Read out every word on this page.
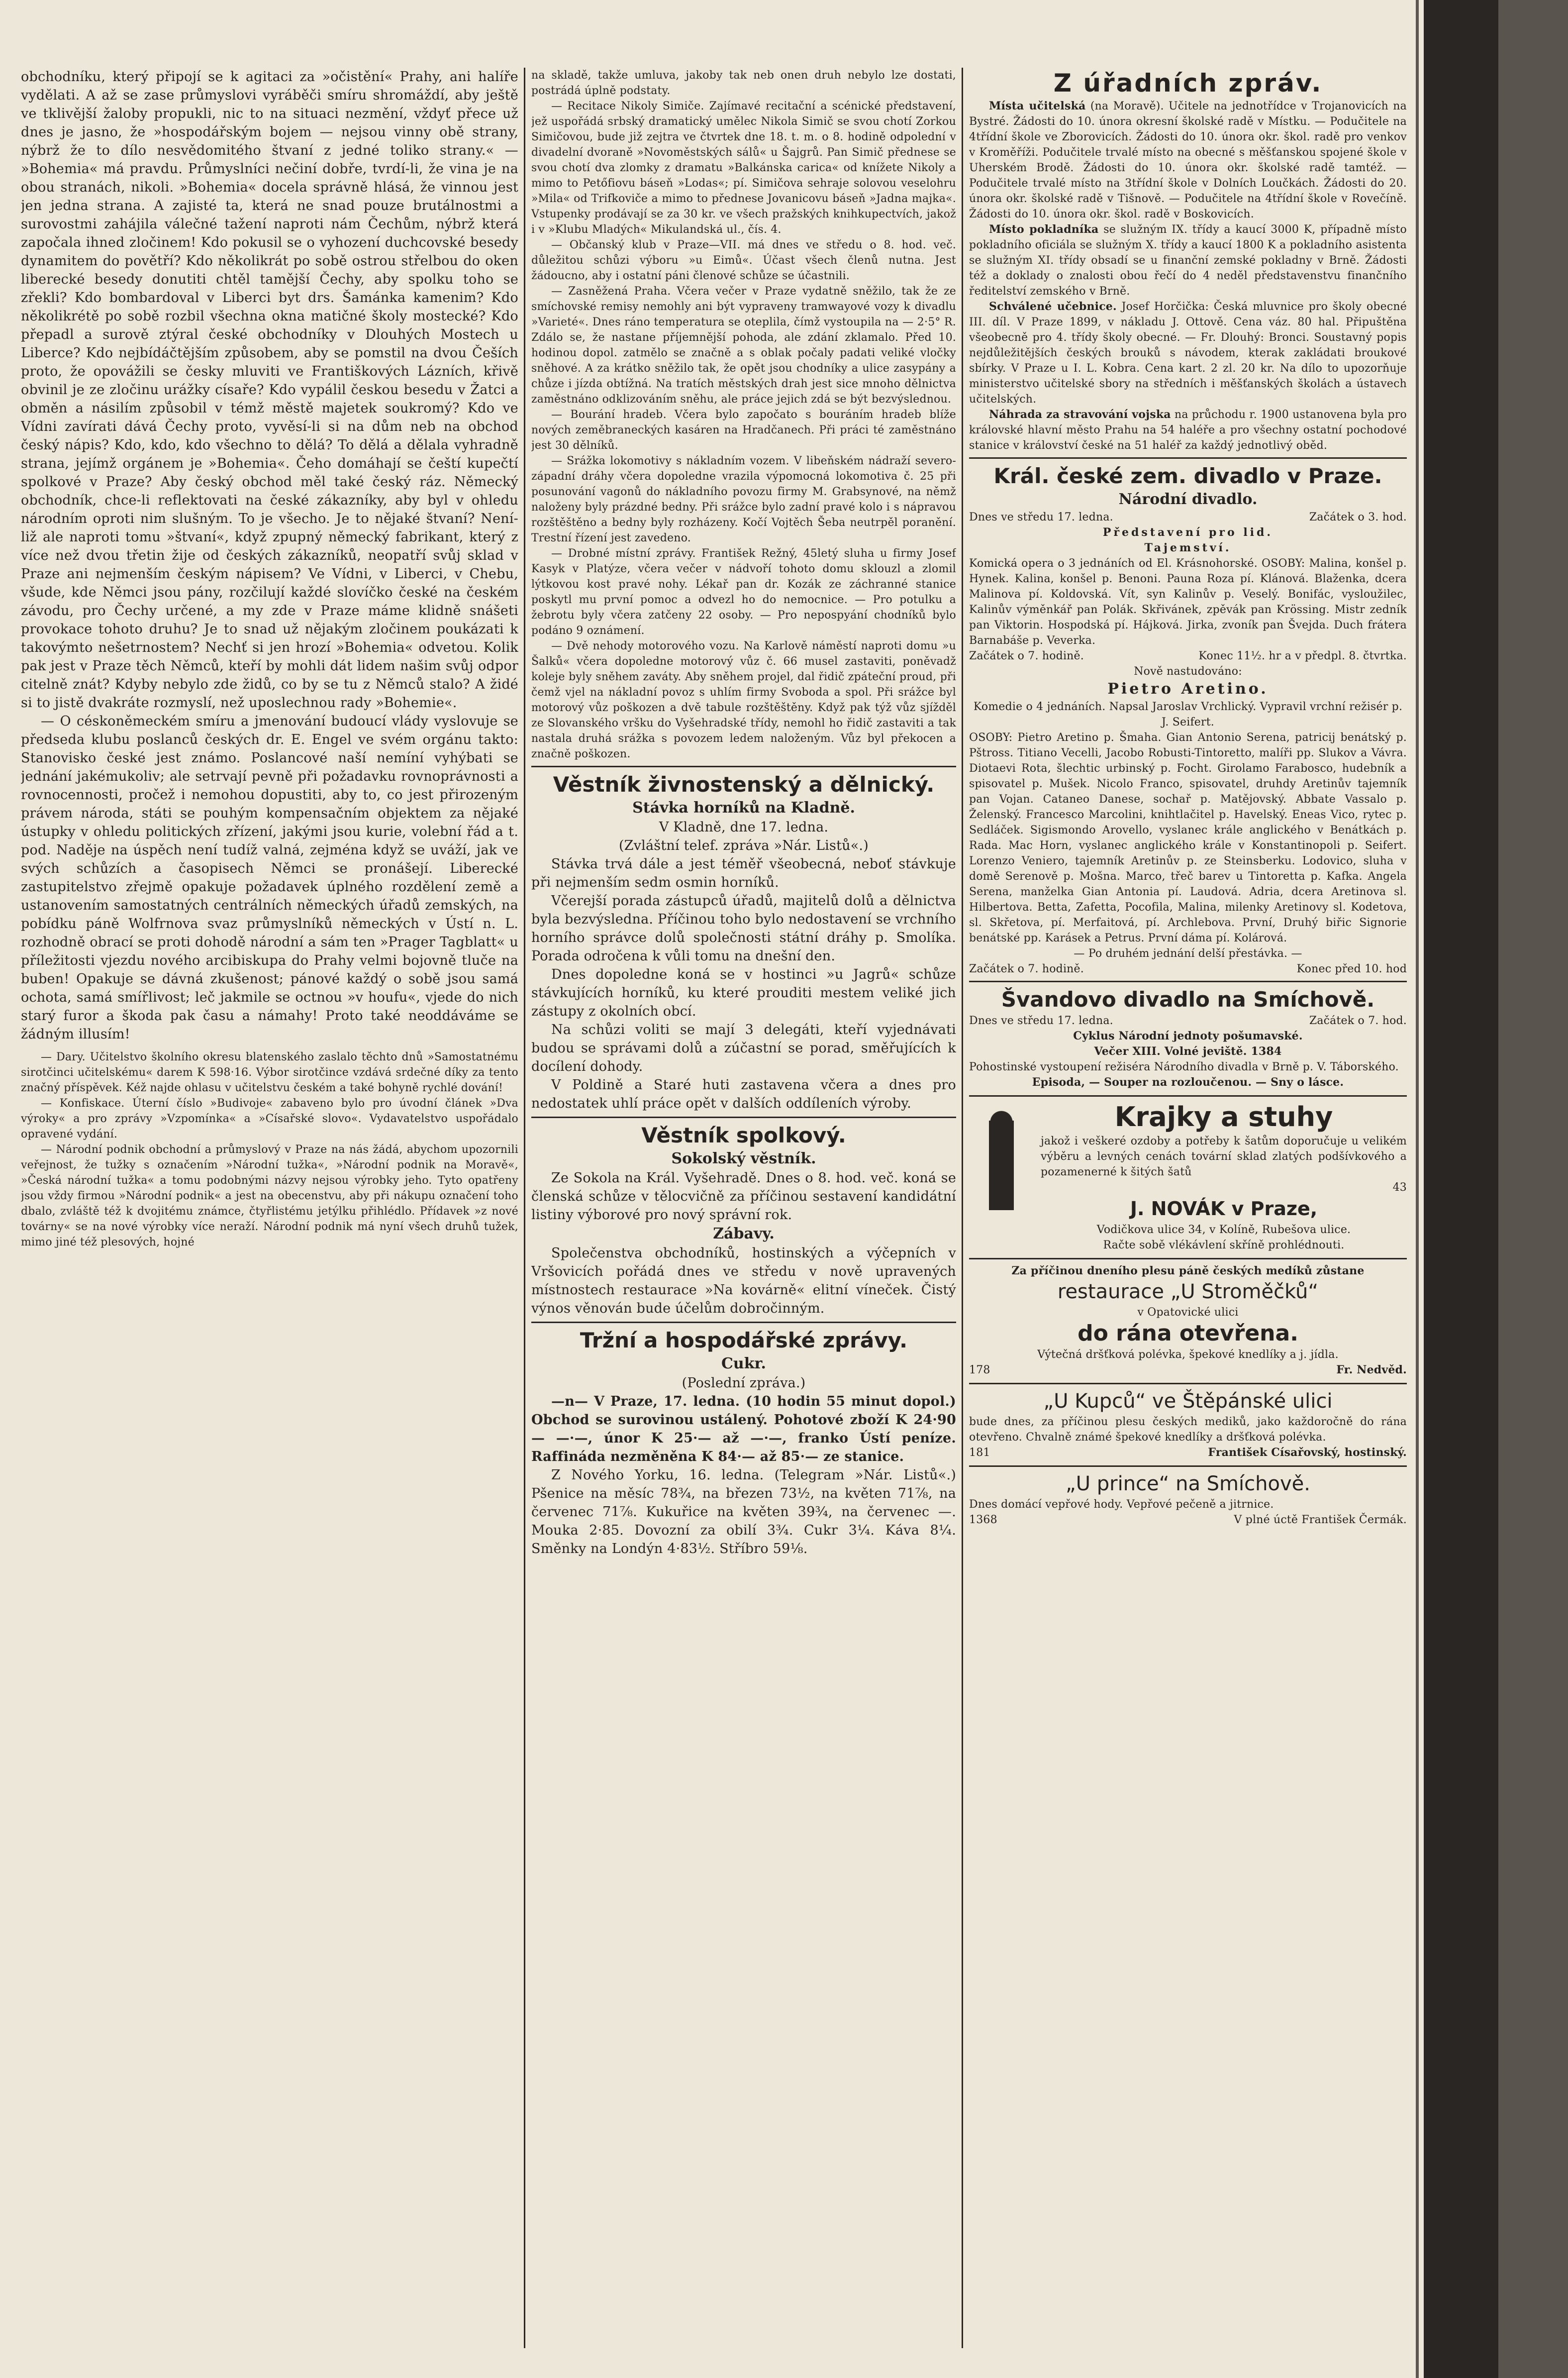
obchodníku, který připojí se k agitaci za »očistění« Prahy, ani halíře vydělati. A až se zase průmyslovi vyráběči smíru shromáždí, aby ještě ve tklivější žaloby propukli, nic to na situaci nezmění, vždyť přece už dnes je jasno, že »hospodářským bojem — nejsou vinny obě strany, nýbrž že to dílo nesvědomitého štvaní z jedné toliko strany.« — »Bohemia« má pravdu. Průmyslníci nečiní dobře, tvrdí-li, že vina je na obou stranách, nikoli. »Bohemia« docela správně hlásá, že vinnou jest jen jedna strana. A zajisté ta, která ne snad pouze brutálnostmi a surovostmi zahájila válečné tažení naproti nám Čechům, nýbrž která započala ihned zločinem! Kdo pokusil se o vyhození duchcovské besedy dynamitem do povětří? Kdo několikrát po sobě ostrou střelbou do oken liberecké besedy donutiti chtěl tamější Čechy, aby spolku toho se zřekli? Kdo bombardoval v Liberci byt drs. Šamánka kamenim? Kdo několikrétě po sobě rozbil všechna okna matičné školy mostecké? Kdo přepadl a surově ztýral české obchodníky v Dlouhých Mostech u Liberce? Kdo nejbídáčtějším způsobem, aby se pomstil na dvou Češích proto, že opovážili se česky mluviti ve Františkových Lázních, křivě obvinil je ze zločinu urážky císaře? Kdo vypálil českou besedu v Žatci a obměn a násilím způsobil v témž městě majetek soukromý? Kdo ve Vídni zavírati dává Čechy proto, vyvěsí-li si na dům neb na obchod český nápis? Kdo, kdo, kdo všechno to dělá? To dělá a dělala vyhradně strana, jejímž orgánem je »Bohemia«. Čeho domáhají se čeští kupečtí spolkové v Praze? Aby český obchod měl také český ráz. Německý obchodník, chce-li reflektovati na české zákazníky, aby byl v ohledu národním oproti nim slušným. To je všecho. Je to nějaké štvaní? Není-liž ale naproti tomu »štvaní«, když zpupný německý fabrikant, který z více než dvou třetin žije od českých zákazníků, neopatří svůj sklad v Praze ani nejmenším českým nápisem? Ve Vídni, v Liberci, v Chebu, všude, kde Němci jsou pány, rozčilují každé slovíčko české na českém závodu, pro Čechy určené, a my zde v Praze máme klidně snášeti provokace tohoto druhu? Je to snad už nějakým zločinem poukázati k takovýmto nešetrnostem? Nechť si jen hrozí »Bohemia« odvetou. Kolik pak jest v Praze těch Němců, kteří by mohli dát lidem našim svůj odpor citelně znát? Kdyby nebylo zde židů, co by se tu z Němců stalo? A židé si to jistě dvakráte rozmyslí, než uposlechnou rady »Bohemie«.

— O céskoněmeckém smíru a jmenování budoucí vlády vyslovuje se předseda klubu poslanců českých dr. E. Engel ve svém orgánu takto: Stanovisko české jest známo. Poslancové naší nemíní vyhýbati se jednání jakémukoliv; ale setrvají pevně při požadavku rovnoprávnosti a rovnocennosti, pročež i nemohou dopustiti, aby to, co jest přirozeným právem národa, státi se pouhým kompensačním objektem za nějaké ústupky v ohledu politických zřízení, jakými jsou kurie, volební řád a t. pod. Naděje na úspěch není tudíž valná, zejména když se uváží, jak ve svých schůzích a časopisech Němci se pronášejí. Liberecké zastupitelstvo zřejmě opakuje požadavek úplného rozdělení země a ustanovením samostatných centrálních německých úřadů zemských, na pobídku páně Wolfrnova svaz průmyslníků německých v Ústí n. L. rozhodně obrací se proti dohodě národní a sám ten »Prager Tagblatt« u příležitosti vjezdu nového arcibiskupa do Prahy velmi bojovně tluče na buben! Opakuje se dávná zkušenost; pánové každý o sobě jsou samá ochota, samá smířlivost; leč jakmile se octnou »v houfu«, vjede do nich starý furor a škoda pak času a námahy! Proto také neoddáváme se žádným illusím!

— Dary. Učitelstvo školního okresu blatenského zaslalo těchto dnů »Samostatnému sirotčinci učitelskému« darem K 598·16. Výbor sirotčince vzdává srdečné díky za tento značný příspěvek. Kéž najde ohlasu v učitelstvu českém a také bohyně rychlé dování!

— Konfiskace. Úterní číslo »Budivoje« zabaveno bylo pro úvodní článek »Dva výroky« a pro zprávy »Vzpomínka« a »Císařské slovo«. Vydavatelstvo uspořádalo opravené vydání.

— Národní podnik obchodní a průmyslový v Praze na nás žádá, abychom upozornili veřejnost, že tužky s označením »Národní tužka«, »Národní podnik na Moravě«, »Česká národní tužka« a tomu podobnými názvy nejsou výrobky jeho. Tyto opatřeny jsou vždy firmou »Národní podnik« a jest na obecenstvu, aby při nákupu označení toho dbalo, zvláště též k dvojitému známce, čtyřlistému jetýlku přihlédlo. Přídavek »z nové továrny« se na nové výrobky více neraží. Národní podnik má nyní všech druhů tužek, mimo jiné též plesových, hojné

na skladě, takže umluva, jakoby tak neb onen druh nebylo lze dostati, postrádá úplně podstaty.

— Recitace Nikoly Simiče. Zajímavé recitační a scénické představení, jež uspořádá srbský dramatický umělec Nikola Simič se svou chotí Zorkou Simičovou, bude již zejtra ve čtvrtek dne 18. t. m. o 8. hodině odpolední v divadelní dvoraně »Novoměstských sálů« u Šajgrů. Pan Simič přednese se svou chotí dva zlomky z dramatu »Balkánska carica« od knížete Nikoly a mimo to Petőfiovu báseň »Lodas«; pí. Simičova sehraje solovou veselohru »Mila« od Trifkoviče a mimo to přednese Jovanicovu báseň »Jadna majka«. Vstupenky prodávají se za 30 kr. ve všech pražských knihkupectvích, jakož i v »Klubu Mladých« Mikulandská ul., čís. 4.

— Občanský klub v Praze—VII. má dnes ve středu o 8. hod. več. důležitou schůzi výboru »u Eimů«. Účast všech členů nutna. Jest žádoucno, aby i ostatní páni členové schůze se účastnili.

— Zasněžená Praha. Včera večer v Praze vydatně sněžilo, tak že ze smíchovské remisy nemohly ani být vypraveny tramwayové vozy k divadlu »Varieté«. Dnes ráno temperatura se oteplila, čímž vystoupila na — 2·5° R. Zdálo se, že nastane příjemnější pohoda, ale zdání zklamalo. Před 10. hodinou dopol. zatmělo se značně a s oblak počaly padati veliké vločky sněhové. A za krátko sněžilo tak, že opět jsou chodníky a ulice zasypány a chůze i jízda obtížná. Na tratích městských drah jest sice mnoho dělnictva zaměstnáno odklizováním sněhu, ale práce jejich zdá se být bezvýslednou.

— Bourání hradeb. Včera bylo započato s bouráním hradeb blíže nových zeměbraneckých kasáren na Hradčanech. Při práci té zaměstnáno jest 30 dělníků.

— Srážka lokomotivy s nákladním vozem. V libeňském nádraží severo-západní dráhy včera dopoledne vrazila výpomocná lokomotiva č. 25 při posunování vagonů do nákladního povozu firmy M. Grabsynové, na němž naloženy byly prázdné bedny. Při srážce bylo zadní pravé kolo i s nápravou rozštěštěno a bedny byly rozházeny. Kočí Vojtěch Šeba neutrpěl poranění. Trestní řízení jest zavedeno.

— Drobné místní zprávy. František Režný, 45letý sluha u firmy Josef Kasyk v Platýze, včera večer v nádvoří tohoto domu sklouzl a zlomil lýtkovou kost pravé nohy. Lékař pan dr. Kozák ze záchranné stanice poskytl mu první pomoc a odvezl ho do nemocnice. — Pro potulku a žebrotu byly včera zatčeny 22 osoby. — Pro nepospyání chodníků bylo podáno 9 oznámení.

— Dvě nehody motorového vozu. Na Karlově náměstí naproti domu »u Šalků« včera dopoledne motorový vůz č. 66 musel zastaviti, poněvadž koleje byly sněhem zaváty. Aby sněhem projel, dal řidič zpáteční proud, při čemž vjel na nákladní povoz s uhlím firmy Svoboda a spol. Při srážce byl motorový vůz poškozen a dvě tabule rozštěštěny. Když pak týž vůz sjížděl ze Slovanského vršku do Vyšehradské třídy, nemohl ho řidič zastaviti a tak nastala druhá srážka s povozem ledem naloženým. Vůz byl překocen a značně poškozen.

Věstník živnostenský a dělnický.
Stávka horníků na Kladně.

V Kladně, dne 17. ledna.

(Zvláštní telef. zpráva »Nár. Listů«.)

Stávka trvá dále a jest téměř všeobecná, neboť stávkuje při nejmenším sedm osmin horníků.

Včerejší porada zástupců úřadů, majitelů dolů a dělnictva byla bezvýsledna. Příčinou toho bylo nedostavení se vrchního horního správce dolů společnosti státní dráhy p. Smolíka. Porada odročena k vůli tomu na dnešní den.

Dnes dopoledne koná se v hostinci »u Jagrů« schůze stávkujících horníků, ku které prouditi mestem veliké jich zástupy z okolních obcí.

Na schůzi voliti se mají 3 delegáti, kteří vyjednávati budou se správami dolů a zúčastní se porad, směřujících k docílení dohody.

V Poldině a Staré huti zastavena včera a dnes pro nedostatek uhlí práce opět v dalších oddíleních výroby.

Věstník spolkový.
Sokolský věstník.

Ze Sokola na Král. Vyšehradě. Dnes o 8. hod. več. koná se členská schůze v tělocvičně za příčinou sestavení kandidátní listiny výborové pro nový správní rok.

Zábavy.

Společenstva obchodníků, hostinských a výčepních v Vršovicích pořádá dnes ve středu v nově upravených místnostech restaurace »Na kovárně« elitní víneček. Čistý výnos věnován bude účelům dobročinným.

Tržní a hospodářské zprávy.
Cukr.

(Poslední zpráva.)

—n— V Praze, 17. ledna. (10 hodin 55 minut dopol.) Obchod se surovinou ustálený. Pohotové zboží K 24·90— —·—, únor K 25·— až —·—, franko Ústí peníze. Raffináda nezměněna K 84·— až 85·— ze stanice.

Z Nového Yorku, 16. ledna. (Telegram »Nár. Listů«.) Pšenice na měsíc 78¾, na březen 73½, na květen 71⅞, na červenec 71⅞. Kukuřice na květen 39¾, na červenec —. Mouka 2·85. Dovozní za obilí 3¾. Cukr 3¼. Káva 8¼. Směnky na Londýn 4·83½. Stříbro 59⅛.

Z úřadních zpráv.

Místa učitelská (na Moravě). Učitele na jednotřídce v Trojanovicích na Bystré. Žádosti do 10. února okresní školské radě v Místku. — Podučitele na 4třídní škole ve Zborovicích. Žádosti do 10. února okr. škol. radě pro venkov v Kroměříži. Podučitele trvalé místo na obecné s měšťanskou spojené škole v Uherském Brodě. Žádosti do 10. února okr. školské radě tamtéž. — Podučitele trvalé místo na 3třídní škole v Dolních Loučkách. Žádosti do 20. února okr. školské radě v Tišnově. — Podučitele na 4třídní škole v Rovečíně. Žádosti do 10. února okr. škol. radě v Boskovicích.

Místo pokladníka se služným IX. třídy a kaucí 3000 K, případně místo pokladního oficiála se služným X. třídy a kaucí 1800 K a pokladního asistenta se služným XI. třídy obsadí se u finanční zemské pokladny v Brně. Žádosti též a doklady o znalosti obou řečí do 4 neděl představenstvu finančního ředitelství zemského v Brně.

Schválené učebnice. Josef Horčička: Česká mluvnice pro školy obecné III. díl. V Praze 1899, v nákladu J. Ottově. Cena váz. 80 hal. Připuštěna všeobecně pro 4. třídy školy obecné. — Fr. Dlouhý: Bronci. Soustavný popis nejdůležitějších českých brouků s návodem, kterak zakládati broukové sbírky. V Praze u I. L. Kobra. Cena kart. 2 zl. 20 kr. Na dílo to upozorňuje ministerstvo učitelské sbory na středních i měšťanských školách a ústavech učitelských.

Náhrada za stravování vojska na průchodu r. 1900 ustanovena byla pro královské hlavní město Prahu na 54 haléře a pro všechny ostatní pochodové stanice v království české na 51 haléř za každý jednotlivý oběd.

Král. české zem. divadlo v Praze.
Národní divadlo.

Dnes ve středu 17. ledna.	Začátek o 3. hod.

Představení pro lid.

Tajemství.

Komická opera o 3 jednáních od El. Krásnohorské. OSOBY: Malina, konšel p. Hynek. Kalina, konšel p. Benoni. Pauna Roza pí. Klánová. Blaženka, dcera Malinova pí. Koldovská. Vít, syn Kalinův p. Veselý. Bonifác, vysloužilec, Kalinův výměnkář pan Polák. Skřivánek, zpěvák pan Krössing. Mistr zedník pan Viktorin. Hospodská pí. Hájková. Jirka, zvoník pan Švejda. Duch frátera Barnabáše p. Veverka.

Začátek o 7. hodině.	Konec 11½. hr a v předpl. 8. čtvrtka.

Nově nastudováno:

Pietro Aretino.

Komedie o 4 jednáních. Napsal Jaroslav Vrchlický. Vypravil vrchní režisér p. J. Seifert.

OSOBY: Pietro Aretino p. Šmaha. Gian Antonio Serena, patricij benátský p. Pštross. Titiano Vecelli, Jacobo Robusti-Tintoretto, malíři pp. Slukov a Vávra. Diotaevi Rota, šlechtic urbinský p. Focht. Girolamo Farabosco, hudebník a spisovatel p. Mušek. Nicolo Franco, spisovatel, druhdy Aretinův tajemník pan Vojan. Cataneo Danese, sochař p. Matějovský. Abbate Vassalo p. Želenský. Francesco Marcolini, knihtlačitel p. Havelský. Eneas Vico, rytec p. Sedláček. Sigismondo Arovello, vyslanec krále anglického v Benátkách p. Rada. Mac Horn, vyslanec anglického krále v Konstantinopoli p. Seifert. Lorenzo Veniero, tajemník Aretinův p. ze Steinsberku. Lodovico, sluha v domě Serenově p. Mošna. Marco, třeč barev u Tintoretta p. Kafka. Angela Serena, manželka Gian Antonia pí. Laudová. Adria, dcera Aretinova sl. Hilbertova. Betta, Zafetta, Pocofila, Malina, milenky Aretinovy sl. Kodetova, sl. Skřetova, pí. Merfaitová, pí. Archlebova. První, Druhý biřic Signorie benátské pp. Karásek a Petrus. První dáma pí. Kolárová.

— Po druhém jednání delší přestávka. —

Začátek o 7. hodině.	Konec před 10. hod

Švandovo divadlo na Smíchově.

Dnes ve středu 17. ledna.	Začátek o 7. hod.

Cyklus Národní jednoty pošumavské.

Večer XIII. Volné jeviště. 1384

Pohostinské vystoupení režiséra Národního divadla v Brně p. V. Táborského.

Episoda, — Souper na rozloučenou. — Sny o lásce.

Krajky a stuhy

jakož i veškeré ozdoby a potřeby k šatům doporučuje u velikém výběru a levných cenách tovární sklad zlatých podšívkového a pozamenerné k šitých šatů

43

J. NOVÁK v Praze,

Vodičkova ulice 34, v Kolíně, Rubešova ulice.

Račte sobě vlékávlení skříně prohlédnouti.

Za příčinou dneního plesu páně českých medíků zůstane

restaurace „U Stroměčků“

v Opatovické ulici

do rána otevřena.

Výtečná dršťková polévka, špekové knedlíky a j. jídla.

178	Fr. Nedvěd.

„U Kupců“ ve Štěpánské ulici

bude dnes, za příčinou plesu českých mediků, jako každoročně do rána otevřeno. Chvalně známé špekové knedlíky a dršťková polévka.

181	František Císařovský, hostinský.

„U prince“ na Smíchově.

Dnes domácí vepřové hody. Vepřové pečeně a jitrnice.

1368	V plné úctě František Čermák.
